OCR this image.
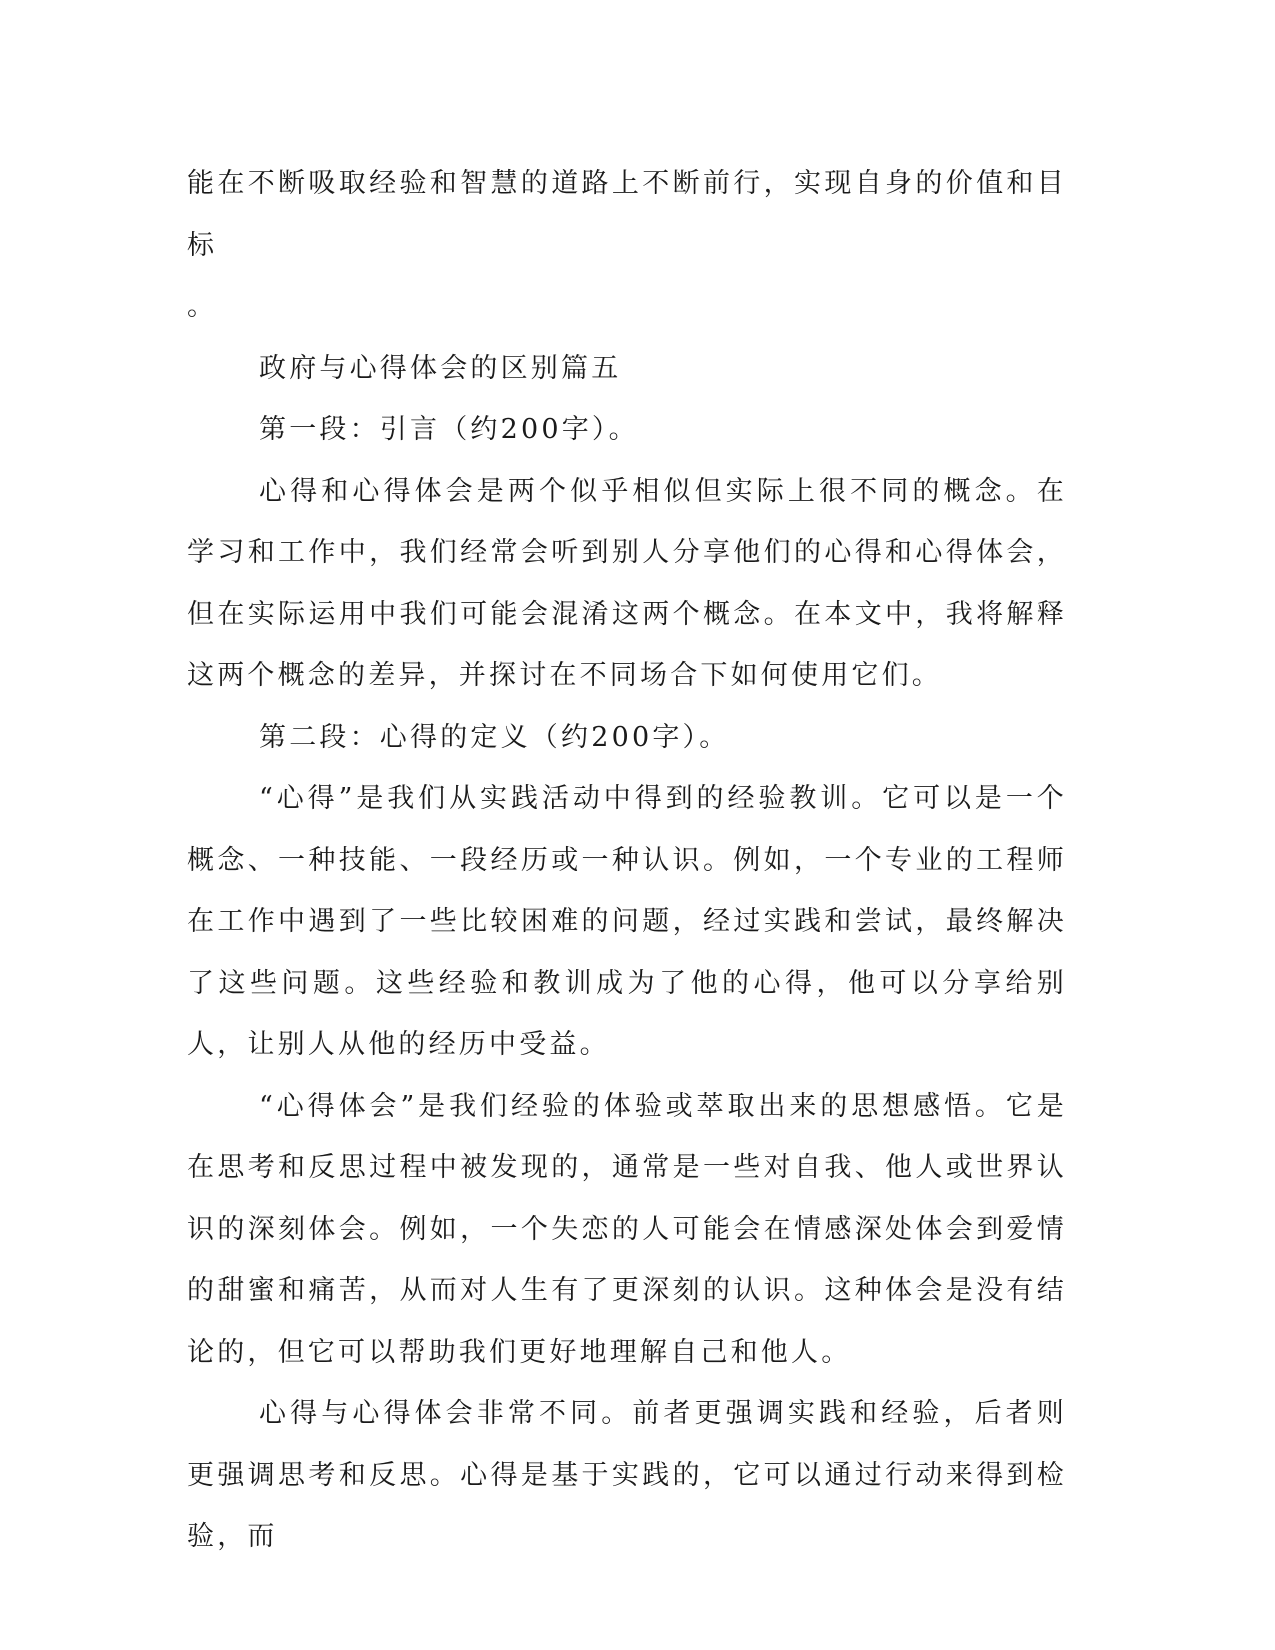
能在不断吸取经验和智慧的道路上不断前行，实现自身的价值和目标
。

政府与心得体会的区别篇五

第一段：引言（约200字）。

心得和心得体会是两个似乎相似但实际上很不同的概念。在学习和工作中，我们经常会听到别人分享他们的心得和心得体会，但在实际运用中我们可能会混淆这两个概念。在本文中，我将解释这两个概念的差异，并探讨在不同场合下如何使用它们。

第二段：心得的定义（约200字）。

“心得”是我们从实践活动中得到的经验教训。它可以是一个概念、一种技能、一段经历或一种认识。例如，一个专业的工程师在工作中遇到了一些比较困难的问题，经过实践和尝试，最终解决了这些问题。这些经验和教训成为了他的心得，他可以分享给别人，让别人从他的经历中受益。

“心得体会”是我们经验的体验或萃取出来的思想感悟。它是在思考和反思过程中被发现的，通常是一些对自我、他人或世界认识的深刻体会。例如，一个失恋的人可能会在情感深处体会到爱情的甜蜜和痛苦，从而对人生有了更深刻的认识。这种体会是没有结论的，但它可以帮助我们更好地理解自己和他人。

心得与心得体会非常不同。前者更强调实践和经验，后者则更强调思考和反思。心得是基于实践的，它可以通过行动来得到检验，而
